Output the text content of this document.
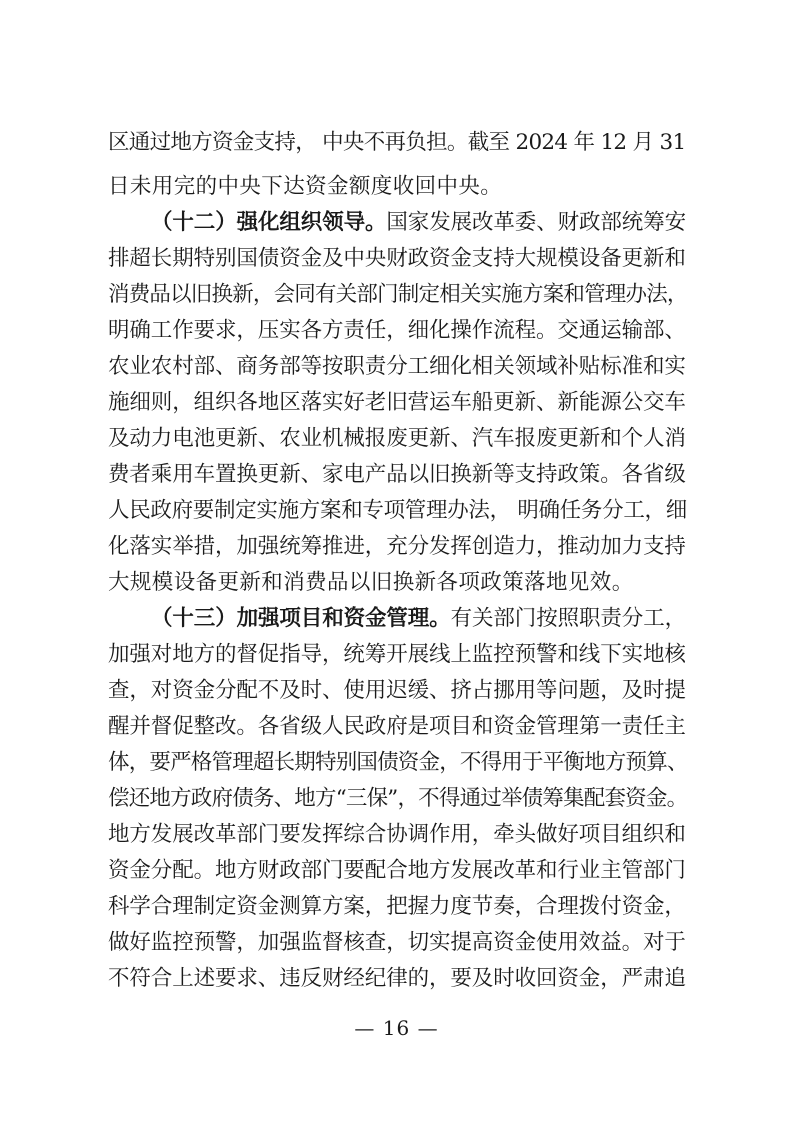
区通过地方资金支持， 中央不再负担。截至 2024 年 12 月 31
日未用完的中央下达资金额度收回中央。
（十二）强化组织领导。国家发展改革委、财政部统筹安
排超长期特别国债资金及中央财政资金支持大规模设备更新和
消费品以旧换新，会同有关部门制定相关实施方案和管理办法，
明确工作要求，压实各方责任，细化操作流程。交通运输部、
农业农村部、商务部等按职责分工细化相关领域补贴标准和实
施细则，组织各地区落实好老旧营运车船更新、新能源公交车
及动力电池更新、农业机械报废更新、汽车报废更新和个人消
费者乘用车置换更新、家电产品以旧换新等支持政策。各省级
人民政府要制定实施方案和专项管理办法， 明确任务分工，细
化落实举措，加强统筹推进，充分发挥创造力，推动加力支持
大规模设备更新和消费品以旧换新各项政策落地见效。
（十三）加强项目和资金管理。有关部门按照职责分工，
加强对地方的督促指导，统筹开展线上监控预警和线下实地核
查，对资金分配不及时、使用迟缓、挤占挪用等问题，及时提
醒并督促整改。各省级人民政府是项目和资金管理第一责任主
体，要严格管理超长期特别国债资金，不得用于平衡地方预算、
偿还地方政府债务、地方“三保”，不得通过举债筹集配套资金。
地方发展改革部门要发挥综合协调作用，牵头做好项目组织和
资金分配。地方财政部门要配合地方发展改革和行业主管部门
科学合理制定资金测算方案，把握力度节奏，合理拨付资金，
做好监控预警，加强监督核查，切实提高资金使用效益。对于
不符合上述要求、违反财经纪律的，要及时收回资金，严肃追
— 16 —
